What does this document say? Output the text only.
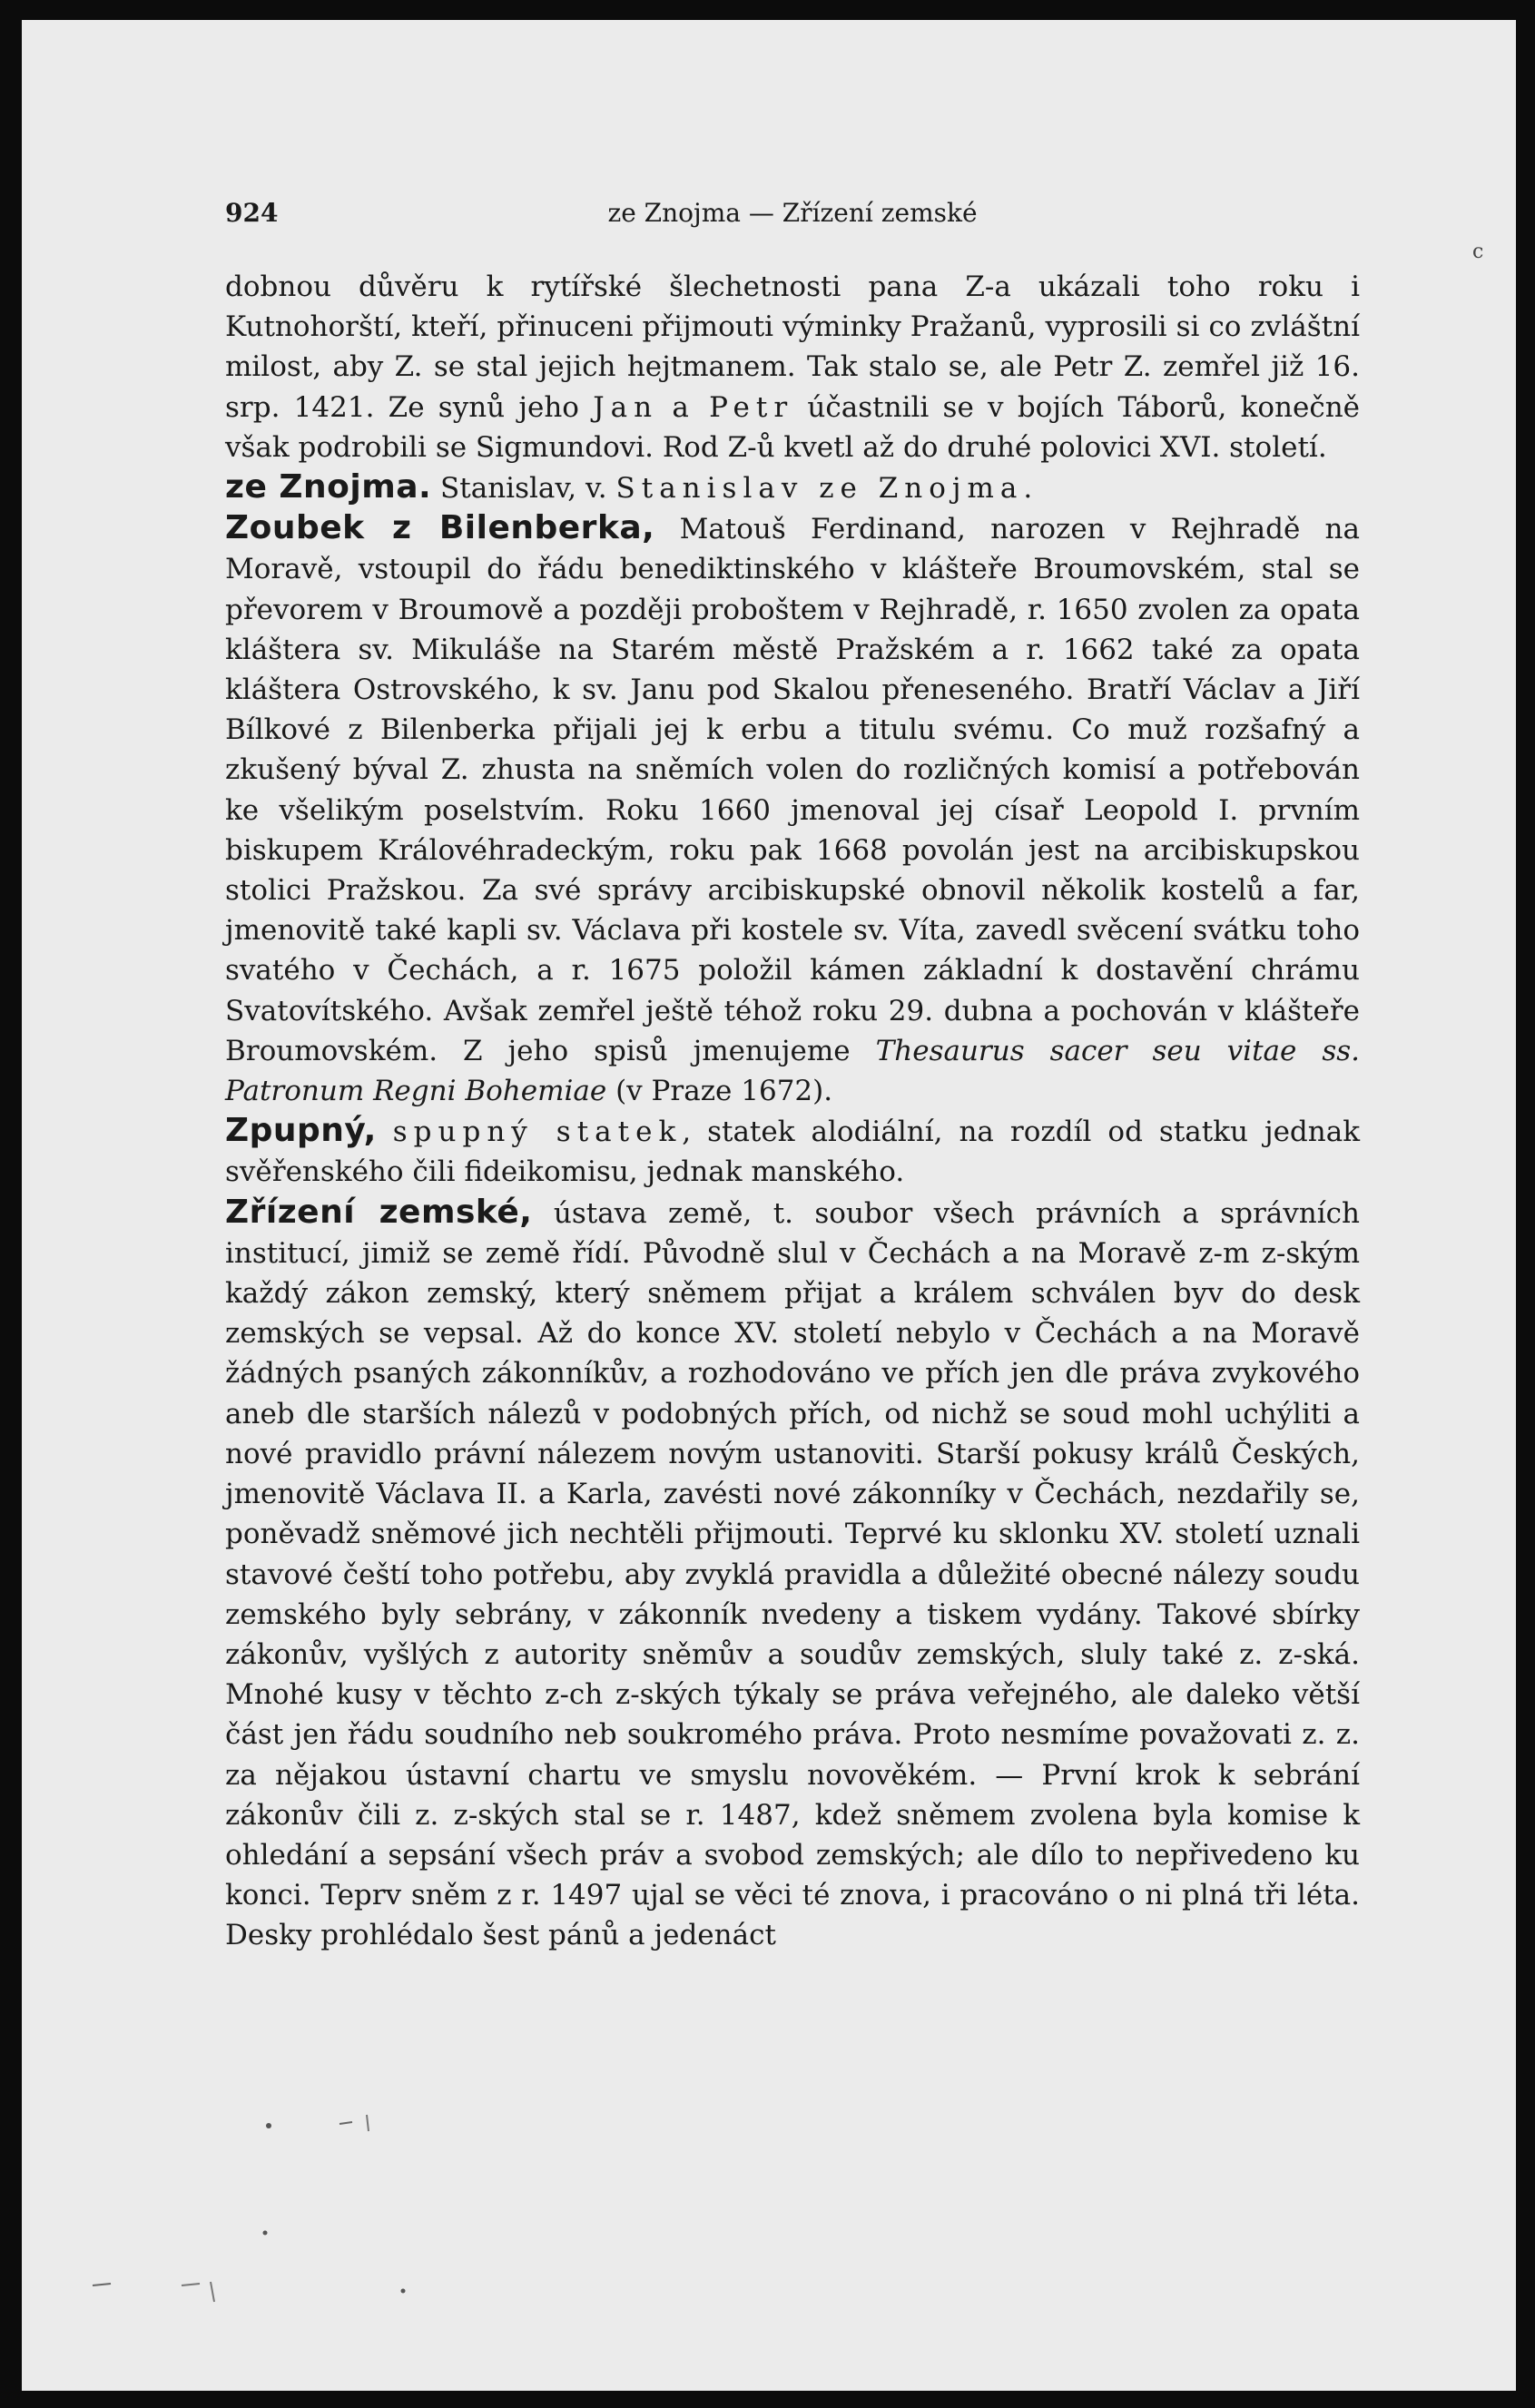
c
924	ze Znojma — Zřízení zemské

dobnou důvěru k rytířské šlechetnosti pana Z-a ukázali toho roku i Kutnohorští, kteří, přinuceni přijmouti výminky Pražanů, vyprosili si co zvláštní milost, aby Z. se stal jejich hejtmanem. Tak stalo se, ale Petr Z. zemřel již 16. srp. 1421. Ze synů jeho Jan a Petr účastnili se v bojích Táborů, konečně však podrobili se Sigmundovi. Rod Z-ů kvetl až do druhé polovici XVI. století.

ze Znojma. Stanislav, v. Stanislav ze Znojma.

Zoubek z Bilenberka, Matouš Ferdinand, narozen v Rejhradě na Moravě, vstoupil do řádu benediktinského v klášteře Broumovském, stal se převorem v Broumově a později proboštem v Rejhradě, r. 1650 zvolen za opata kláštera sv. Mikuláše na Starém městě Pražském a r. 1662 také za opata kláštera Ostrovského, k sv. Janu pod Skalou přeneseného. Bratří Václav a Jiří Bílkové z Bilenberka přijali jej k erbu a titulu svému. Co muž rozšafný a zkušený býval Z. zhusta na sněmích volen do rozličných komisí a potřebován ke všelikým poselstvím. Roku 1660 jmenoval jej císař Leopold I. prvním biskupem Královéhradeckým, roku pak 1668 povolán jest na arcibiskupskou stolici Pražskou. Za své správy arcibiskupské obnovil několik kostelů a far, jmenovitě také kapli sv. Václava při kostele sv. Víta, zavedl svěcení svátku toho svatého v Čechách, a r. 1675 položil kámen základní k dostavění chrámu Svatovítského. Avšak zemřel ještě téhož roku 29. dubna a pochován v klášteře Broumovském. Z jeho spisů jmenujeme Thesaurus sacer seu vitae ss. Patronum Regni Bohemiae (v Praze 1672).

Zpupný, spupný statek, statek alodiální, na rozdíl od statku jednak svěřenského čili fideikomisu, jednak manského.

Zřízení zemské, ústava země, t. soubor všech právních a správních institucí, jimiž se země řídí. Původně slul v Čechách a na Moravě z-m z-ským každý zákon zemský, který sněmem přijat a králem schválen byv do desk zemských se vepsal. Až do konce XV. století nebylo v Čechách a na Moravě žádných psaných zákonníkův, a rozhodováno ve přích jen dle práva zvykového aneb dle starších nálezů v podobných přích, od nichž se soud mohl uchýliti a nové pravidlo právní nálezem novým ustanoviti. Starší pokusy králů Českých, jmenovitě Václava II. a Karla, zavésti nové zákonníky v Čechách, nezdařily se, poněvadž sněmové jich nechtěli přijmouti. Teprvé ku sklonku XV. století uznali stavové čeští toho potřebu, aby zvyklá pravidla a důležité obecné nálezy soudu zemského byly sebrány, v zákonník nvedeny a tiskem vydány. Takové sbírky zákonův, vyšlých z autority sněmův a soudův zemských, sluly také z. z-ská. Mnohé kusy v těchto z-ch z-ských týkaly se práva veřejného, ale daleko větší část jen řádu soudního neb soukromého práva. Proto nesmíme považovati z. z. za nějakou ústavní chartu ve smyslu novověkém. — První krok k sebrání zákonův čili z. z-ských stal se r. 1487, kdež sněmem zvolena byla komise k ohledání a sepsání všech práv a svobod zemských; ale dílo to nepřivedeno ku konci. Teprv sněm z r. 1497 ujal se věci té znova, i pracováno o ni plná tři léta. Desky prohlédalo šest pánů a jedenáct
